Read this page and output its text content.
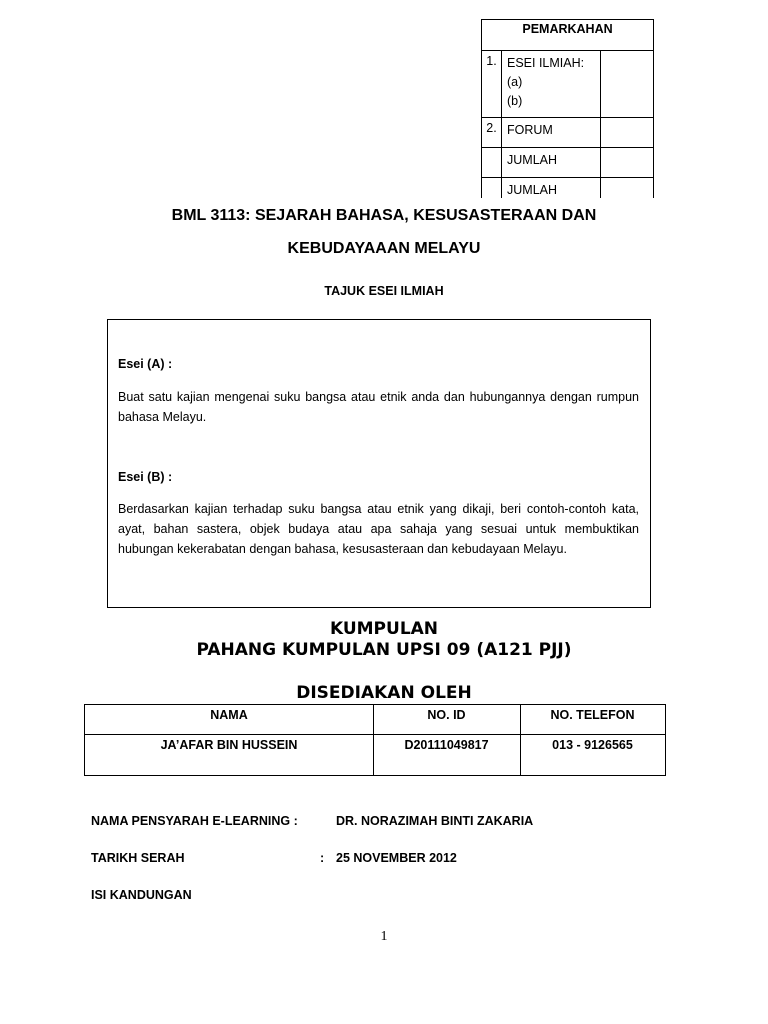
PEMARKAHAN
1. ESEI ILMIAH:
(a)
(b)
2. FORUM
JUMLAH
JUMLAH
BML 3113: SEJARAH BAHASA, KESUSASTERAAN DAN
KEBUDAYAAAN MELAYU
TAJUK ESEI ILMIAH
Esei (A) :

Buat satu kajian mengenai suku bangsa atau etnik anda dan hubungannya dengan rumpun bahasa Melayu.

Esei (B) :

Berdasarkan kajian terhadap suku bangsa atau etnik yang dikaji, beri contoh-contoh kata, ayat, bahan sastera, objek budaya atau apa sahaja yang sesuai untuk membuktikan hubungan kekerabatan dengan bahasa, kesusasteraan dan kebudayaan Melayu.

KUMPULAN
PAHANG KUMPULAN UPSI 09 (A121 PJJ)
DISEDIAKAN OLEH
NAMA	NO. ID	NO. TELEFON
JA’AFAR BIN HUSSEIN	D20111049817	013 - 9126565
NAMA PENSYARAH E-LEARNING :	DR. NORAZIMAH BINTI ZAKARIA
TARIKH SERAH	: 25 NOVEMBER 2012
ISI KANDUNGAN
1
